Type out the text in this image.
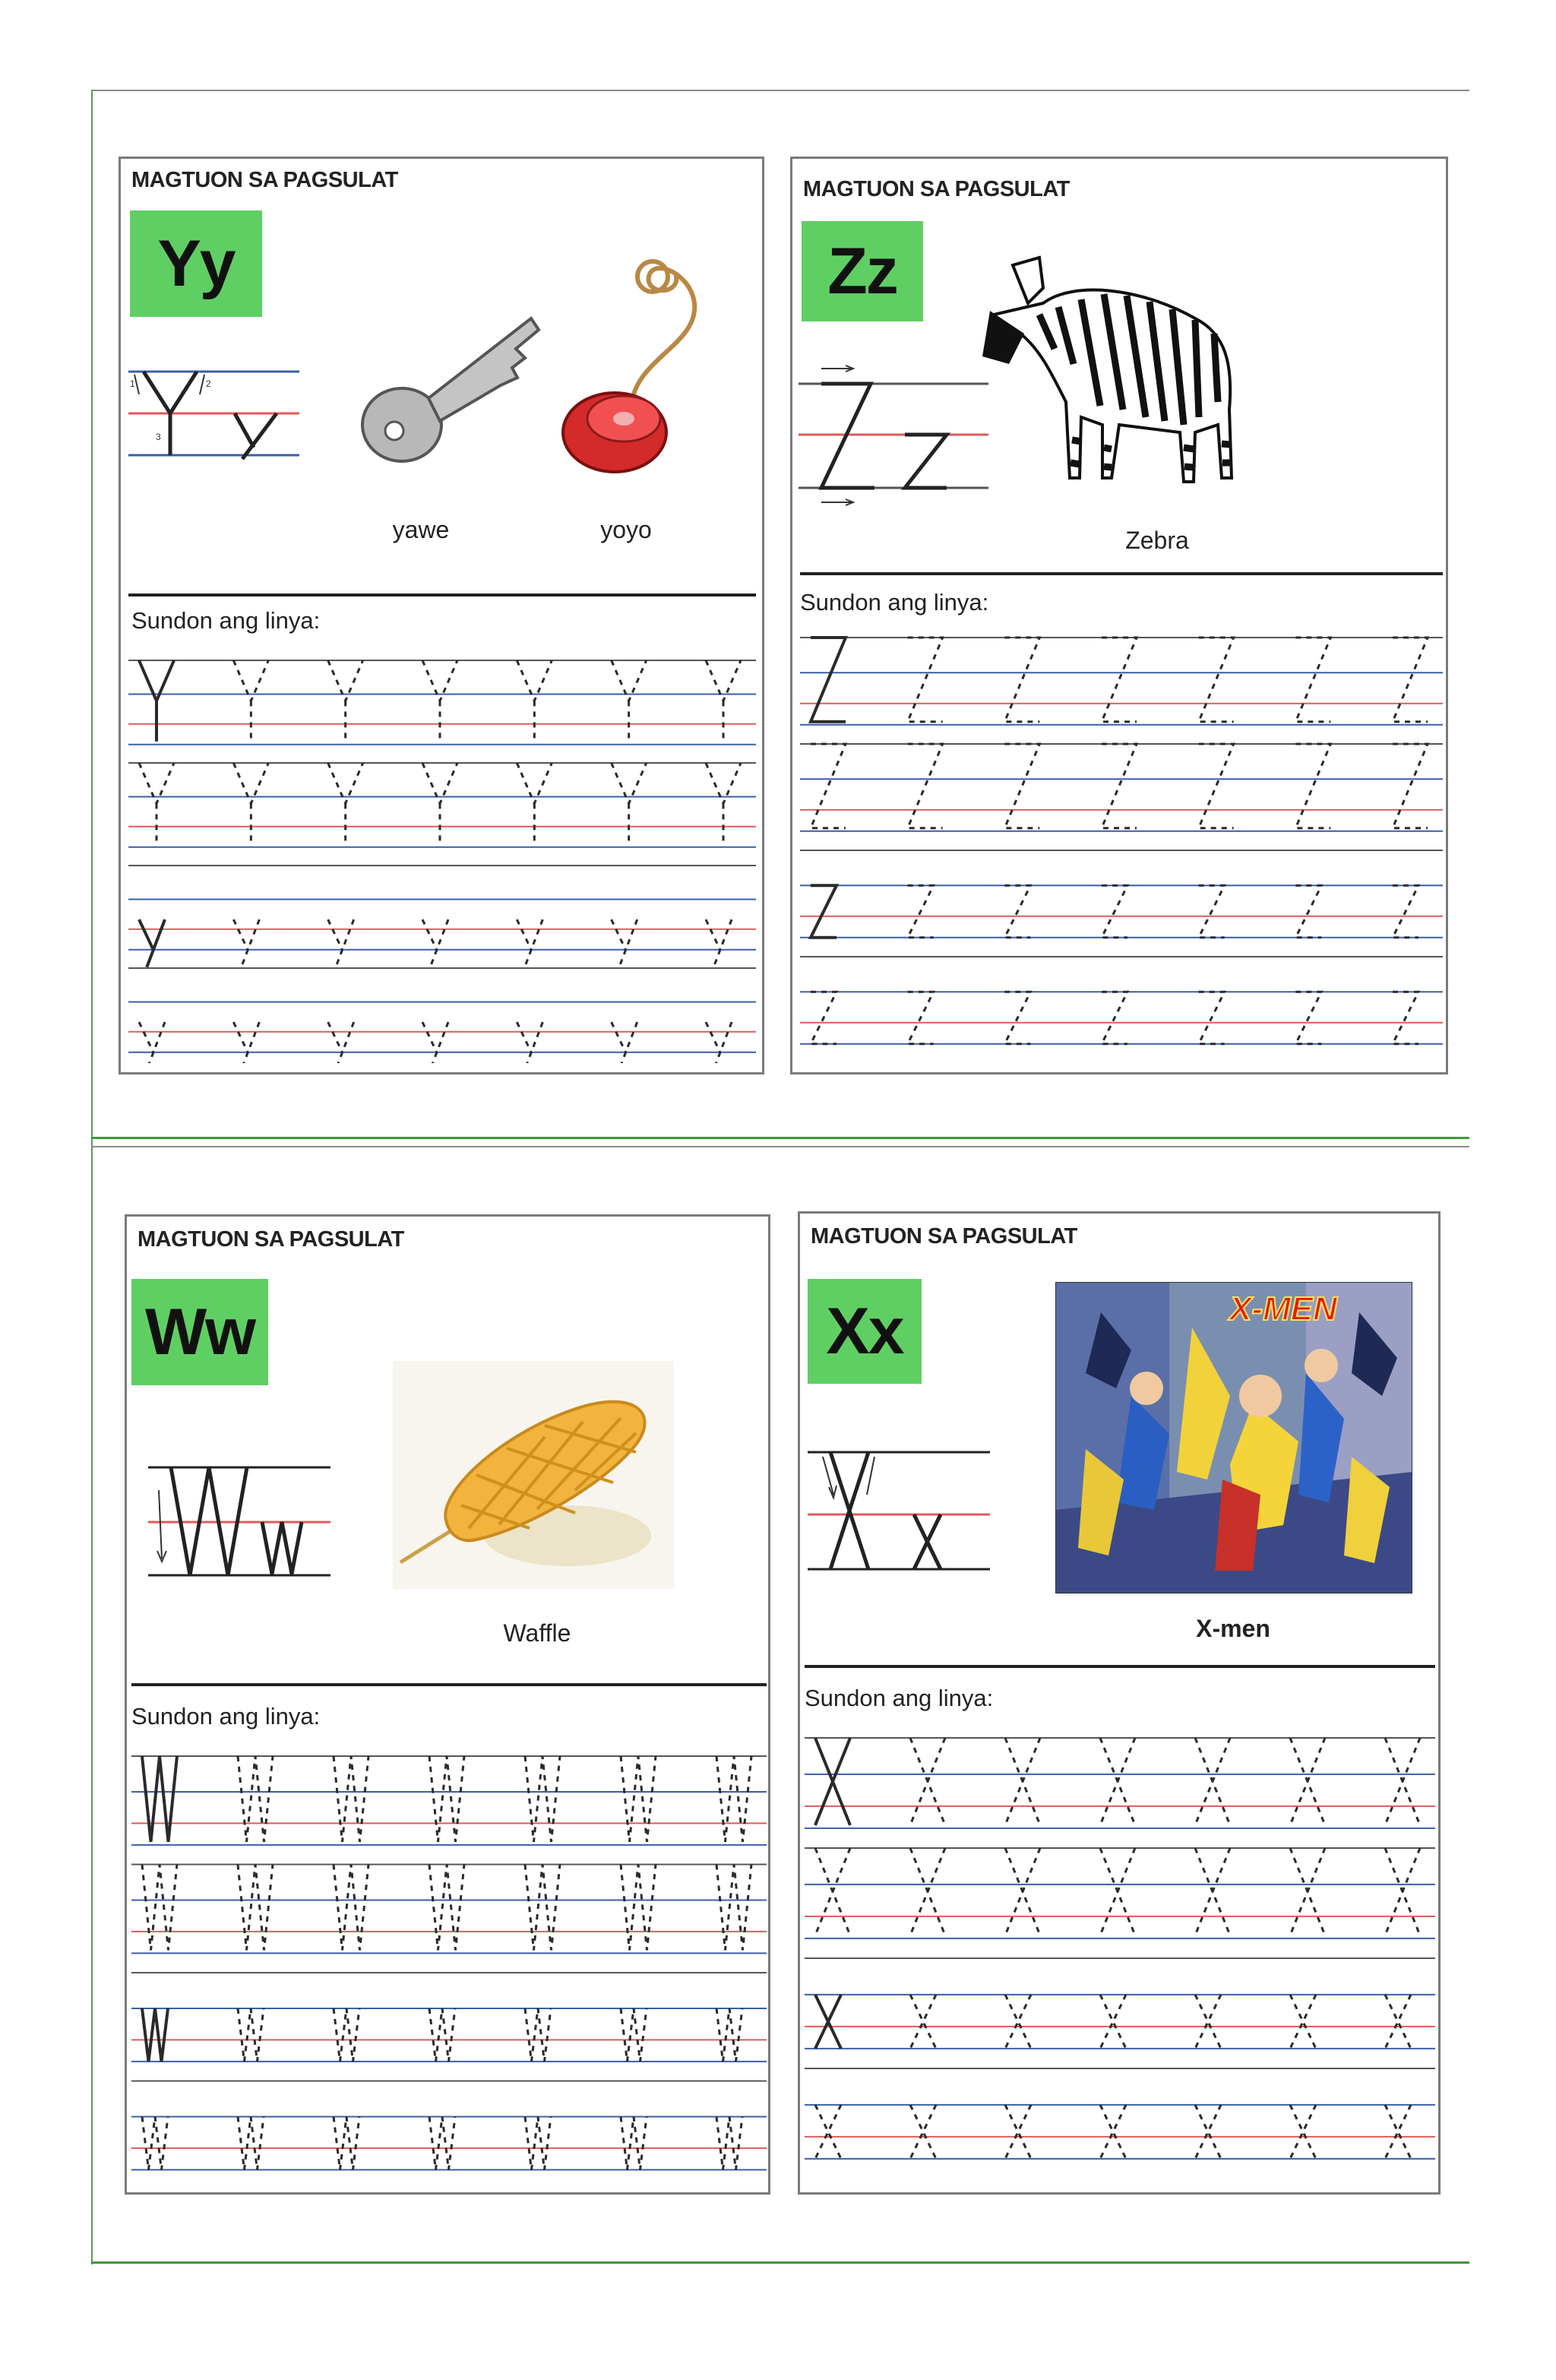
MAGTUON SA PAGSULAT
Yy
1	2
3
yawe	yoyo
Sundon ang linya:
MAGTUON SA PAGSULAT
Zz
Zebra
Sundon ang linya:
MAGTUON SA PAGSULAT
Ww
Waffle
Sundon ang linya:
MAGTUON SA PAGSULAT
Xx	X-MEN
X-men
Sundon ang linya:
